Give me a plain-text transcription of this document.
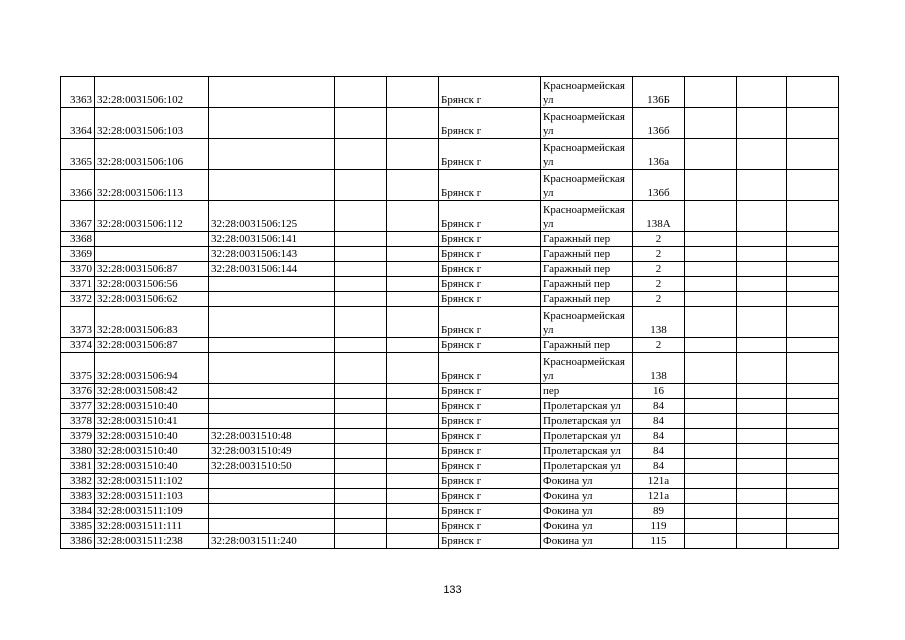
3363	32:28:0031506:102				Брянск г	Красноармейская ул	136Б			
3364	32:28:0031506:103				Брянск г	Красноармейская ул	136б			
3365	32:28:0031506:106				Брянск г	Красноармейская ул	136а			
3366	32:28:0031506:113				Брянск г	Красноармейская ул	136б			
3367	32:28:0031506:112	32:28:0031506:125			Брянск г	Красноармейская ул	138А			
3368		32:28:0031506:141			Брянск г	Гаражный пер	2			
3369		32:28:0031506:143			Брянск г	Гаражный пер	2			
3370	32:28:0031506:87	32:28:0031506:144			Брянск г	Гаражный пер	2			
3371	32:28:0031506:56				Брянск г	Гаражный пер	2			
3372	32:28:0031506:62				Брянск г	Гаражный пер	2			
3373	32:28:0031506:83				Брянск г	Красноармейская ул	138			
3374	32:28:0031506:87				Брянск г	Гаражный пер	2			
3375	32:28:0031506:94				Брянск г	Красноармейская ул	138			
3376	32:28:0031508:42				Брянск г	пер	16			
3377	32:28:0031510:40				Брянск г	Пролетарская ул	84			
3378	32:28:0031510:41				Брянск г	Пролетарская ул	84			
3379	32:28:0031510:40	32:28:0031510:48			Брянск г	Пролетарская ул	84			
3380	32:28:0031510:40	32:28:0031510:49			Брянск г	Пролетарская ул	84			
3381	32:28:0031510:40	32:28:0031510:50			Брянск г	Пролетарская ул	84			
3382	32:28:0031511:102				Брянск г	Фокина ул	121а			
3383	32:28:0031511:103				Брянск г	Фокина ул	121а			
3384	32:28:0031511:109				Брянск г	Фокина ул	89			
3385	32:28:0031511:111				Брянск г	Фокина ул	119			
3386	32:28:0031511:238	32:28:0031511:240			Брянск г	Фокина ул	115			
133
